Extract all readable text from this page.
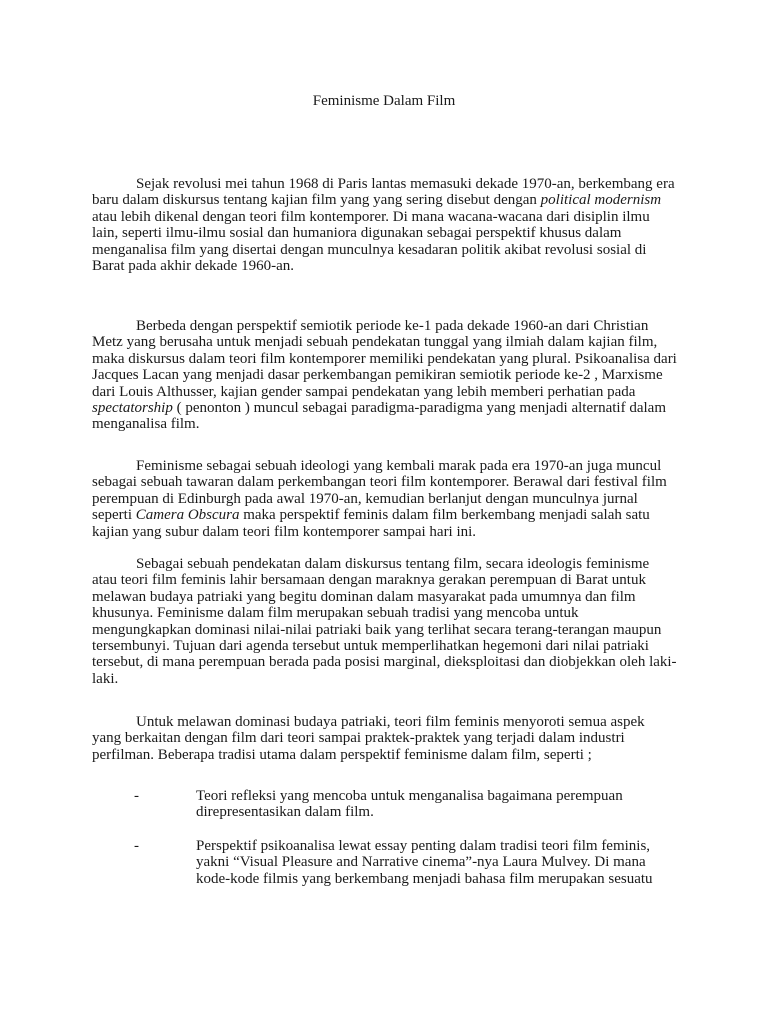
Feminisme Dalam Film
Sejak revolusi mei tahun 1968 di Paris lantas memasuki dekade 1970-an, berkembang era
baru dalam diskursus tentang kajian film yang yang sering disebut dengan political modernism
atau lebih dikenal dengan teori film kontemporer. Di mana wacana-wacana dari disiplin ilmu
lain, seperti ilmu-ilmu sosial dan humaniora digunakan sebagai perspektif khusus dalam
menganalisa film yang disertai dengan munculnya kesadaran politik akibat revolusi sosial di
Barat pada akhir dekade 1960-an.
Berbeda dengan perspektif semiotik periode ke-1 pada dekade 1960-an dari Christian
Metz yang berusaha untuk menjadi sebuah pendekatan tunggal yang ilmiah dalam kajian film,
maka diskursus dalam teori film kontemporer memiliki pendekatan yang plural. Psikoanalisa dari
Jacques Lacan yang menjadi dasar perkembangan pemikiran semiotik periode ke-2 , Marxisme
dari Louis Althusser, kajian gender sampai pendekatan yang lebih memberi perhatian pada
spectatorship ( penonton ) muncul sebagai paradigma-paradigma yang menjadi alternatif dalam
menganalisa film.
Feminisme sebagai sebuah ideologi yang kembali marak pada era 1970-an juga muncul
sebagai sebuah tawaran dalam perkembangan teori film kontemporer. Berawal dari festival film
perempuan di Edinburgh pada awal 1970-an, kemudian berlanjut dengan munculnya jurnal
seperti Camera Obscura maka perspektif feminis dalam film berkembang menjadi salah satu
kajian yang subur dalam teori film kontemporer sampai hari ini.
Sebagai sebuah pendekatan dalam diskursus tentang film, secara ideologis feminisme
atau teori film feminis lahir bersamaan dengan maraknya gerakan perempuan di Barat untuk
melawan budaya patriaki yang begitu dominan dalam masyarakat pada umumnya dan film
khusunya. Feminisme dalam film merupakan sebuah tradisi yang mencoba untuk
mengungkapkan dominasi nilai-nilai patriaki baik yang terlihat secara terang-terangan maupun
tersembunyi. Tujuan dari agenda tersebut untuk memperlihatkan hegemoni dari nilai patriaki
tersebut, di mana perempuan berada pada posisi marginal, dieksploitasi dan diobjekkan oleh laki-
laki.
Untuk melawan dominasi budaya patriaki, teori film feminis menyoroti semua aspek
yang berkaitan dengan film dari teori sampai praktek-praktek yang terjadi dalam industri
perfilman. Beberapa tradisi utama dalam perspektif feminisme dalam film, seperti ;
-	Teori refleksi yang mencoba untuk menganalisa bagaimana perempuan
direpresentasikan dalam film.
-	Perspektif psikoanalisa lewat essay penting dalam tradisi teori film feminis,
yakni “Visual Pleasure and Narrative cinema”-nya Laura Mulvey. Di mana
kode-kode filmis yang berkembang menjadi bahasa film merupakan sesuatu
